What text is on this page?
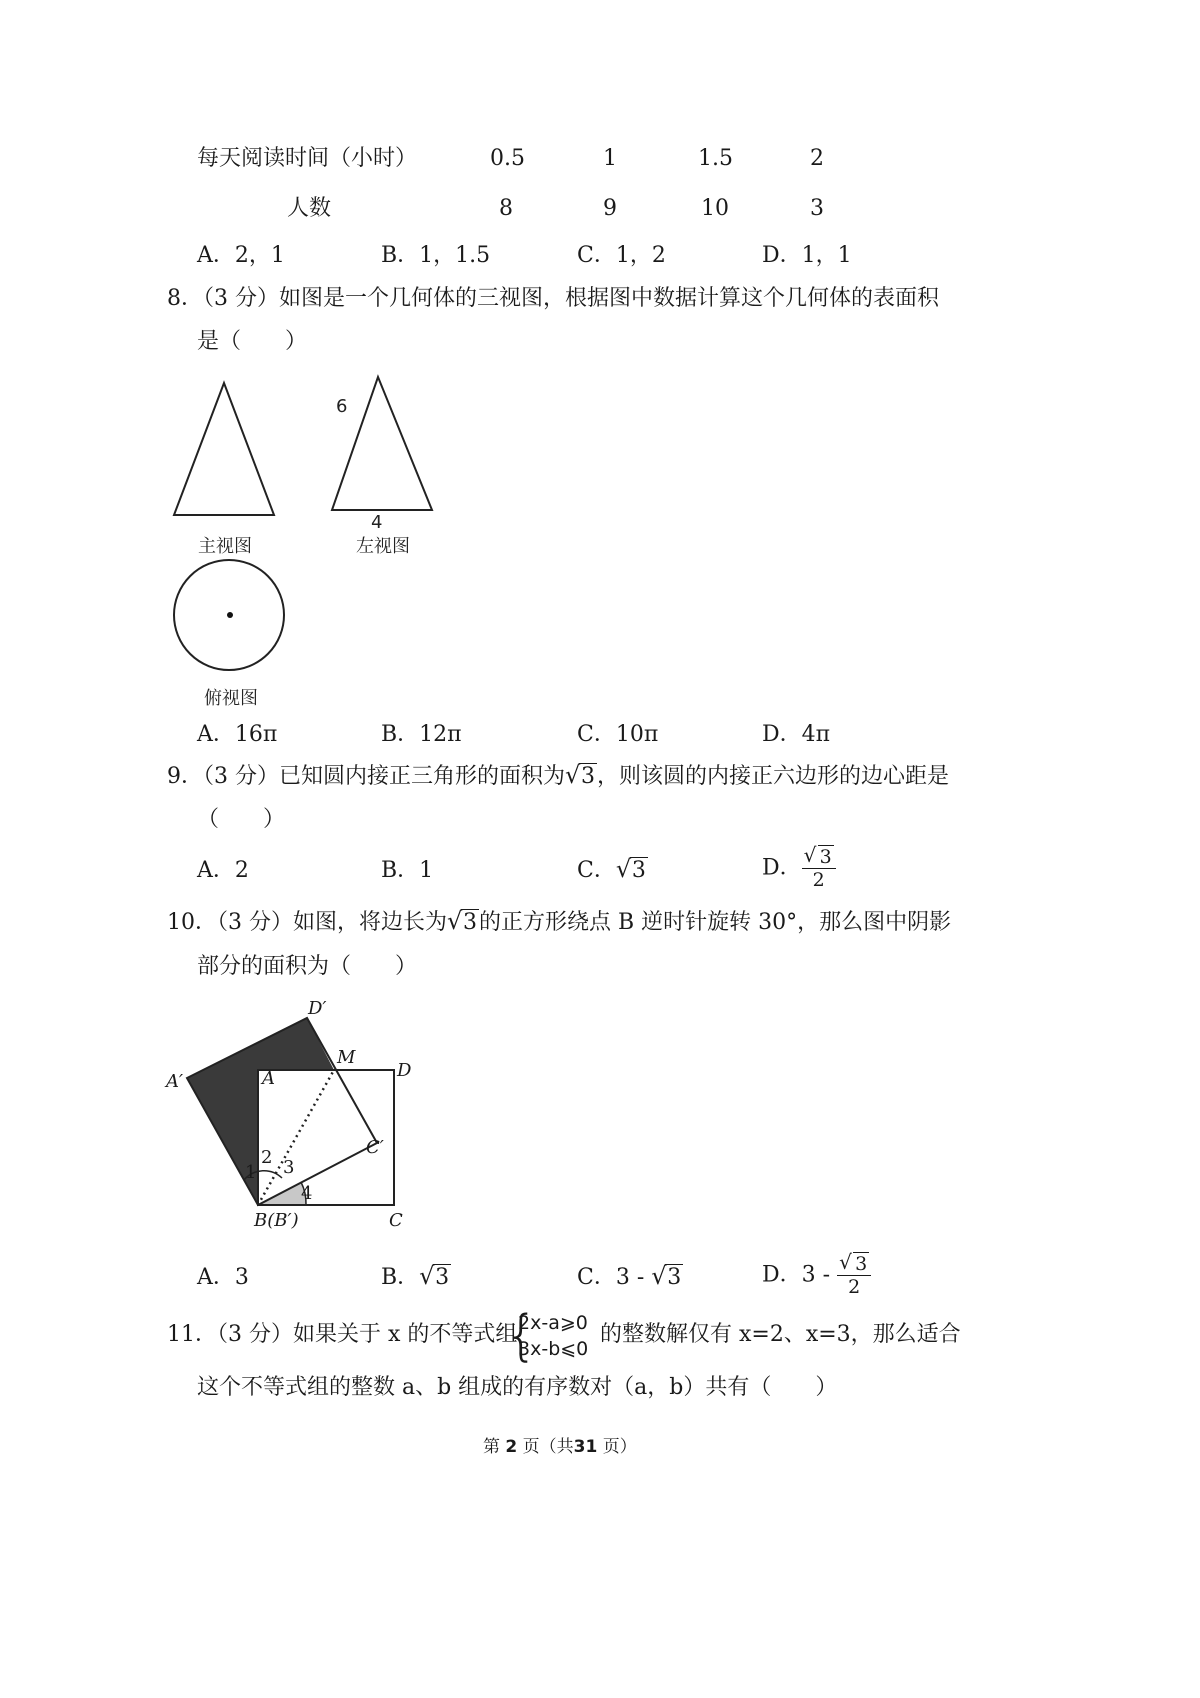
每天阅读时间（小时）	0.5	1	1.5	2
人数	8	9	10	3
A．2，1	B．1，1.5	C．1，2	D．1，1
8．（3 分）如图是一个几何体的三视图，根据图中数据计算这个几何体的表面积
是（　　）
6
4
主视图	左视图
俯视图
A．16π	B．12π	C．10π	D．4π
9．（3 分）已知圆内接正三角形的面积为 √ 3，则该圆的内接正六边形的边心距是
（　　）
A．2	B．1	C． √ 3	D． $\frac{√ 3}{2}$
10．（3 分）如图，将边长为 √ 3的正方形绕点 B 逆时针旋转 30°，那么图中阴影
部分的面积为（　　）
D′
M
D
A′	A
C′
1
2 3
4
B(B′)	C
A．3	B． √ 3	C．3 - √ 3	D．$3 - \frac{√ 3}{2}$
11．（3 分）如果关于 x 的不等式组
{
2x-a⩾0
3x-b⩽0
的整数解仅有 x=2、x=3，那么适合
这个不等式组的整数 a、b 组成的有序数对（a，b）共有（　　）
第 2 页（共31 页）
